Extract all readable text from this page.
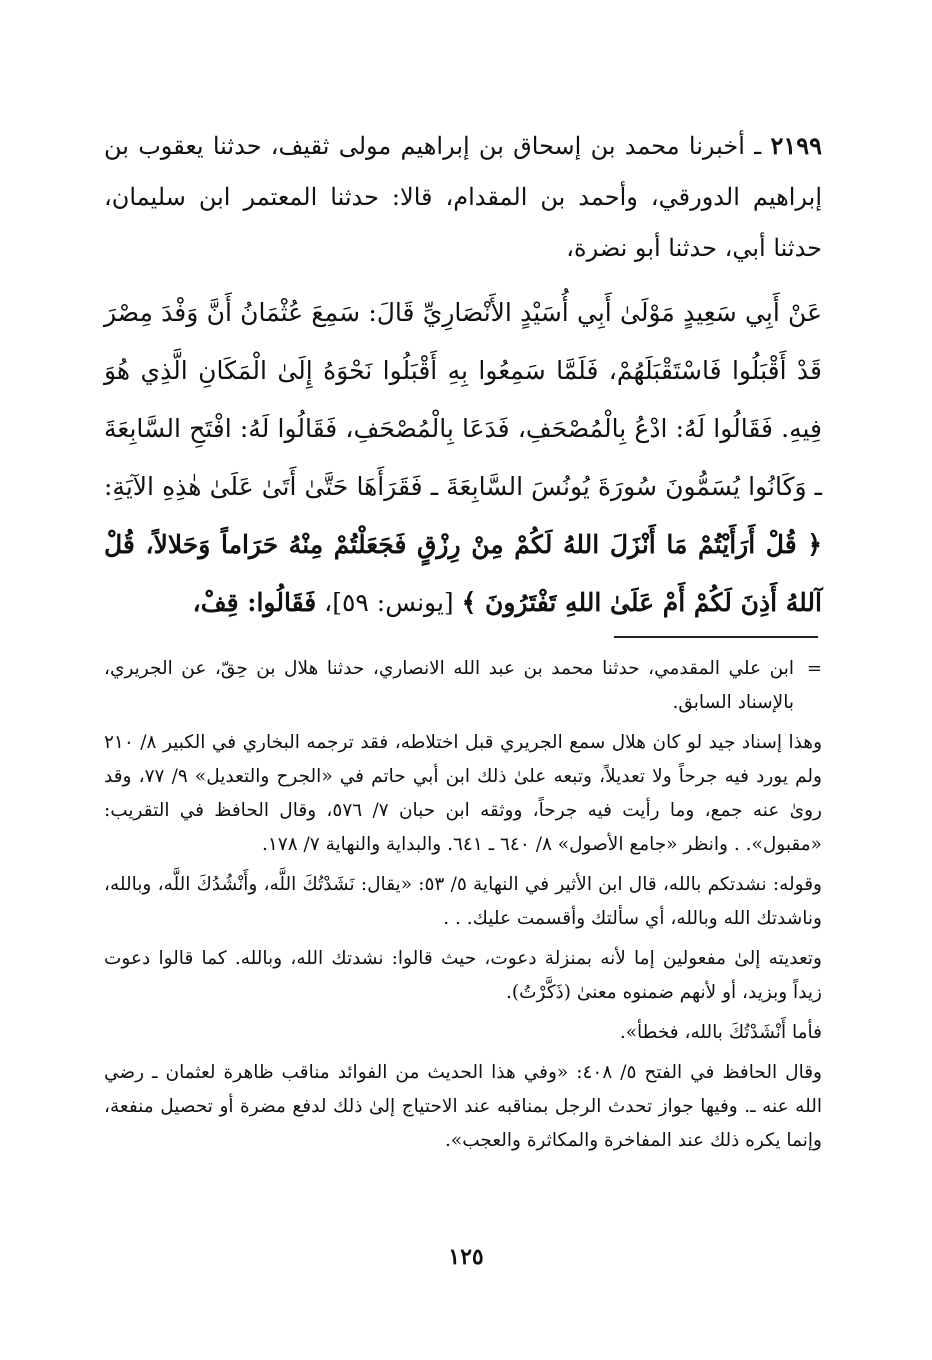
٢١٩٩ ـ أخبرنا محمد بن إسحاق بن إبراهيم مولى ثقيف، حدثنا يعقوب بن إبراهيم الدورقي، وأحمد بن المقدام، قالا: حدثنا المعتمر ابن سليمان، حدثنا أبي، حدثنا أبو نضرة،

عَنْ أَبِي سَعِيدٍ مَوْلَىٰ أَبِي أُسَيْدٍ الأَنْصَارِيِّ قَالَ: سَمِعَ عُثْمَانُ أَنَّ وَفْدَ مِصْرَ قَدْ أَقْبَلُوا فَاسْتَقْبَلَهُمْ، فَلَمَّا سَمِعُوا بِهِ أَقْبَلُوا نَحْوَهُ إِلَىٰ الْمَكَانِ الَّذِي هُوَ فِيهِ. فَقَالُوا لَهُ: ادْعُ بِالْمُصْحَفِ، فَدَعَا بِالْمُصْحَفِ، فَقَالُوا لَهُ: افْتَحِ السَّابِعَةَ ـ وَكَانُوا يُسَمُّونَ سُورَةَ يُونُسَ السَّابِعَةَ ـ فَقَرَأَهَا حَتَّىٰ أَتَىٰ عَلَىٰ هٰذِهِ الآيَةِ: ﴿ قُلْ أَرَأَيْتُمْ مَا أَنْزَلَ اللهُ لَكُمْ مِنْ رِزْقٍ فَجَعَلْتُمْ مِنْهُ حَرَاماً وَحَلالاً، قُلْ آللهُ أَذِنَ لَكُمْ أَمْ عَلَىٰ اللهِ تَفْتَرُونَ ﴾ [يونس: ٥٩]، فَقَالُوا: قِفْ،

=
ابن علي المقدمي، حدثنا محمد بن عبد الله الانصاري، حدثنا هلال بن حِقّ، عن الجريري، بالإسناد السابق.

وهذا إسناد جيد لو كان هلال سمع الجريري قبل اختلاطه، فقد ترجمه البخاري في الكبير ٨/ ٢١٠ ولم يورد فيه جرحاً ولا تعديلاً، وتبعه علىٰ ذلك ابن أبي حاتم في «الجرح والتعديل» ٩/ ٧٧، وقد روىٰ عنه جمع، وما رأيت فيه جرحاً، ووثقه ابن حبان ٧/ ٥٧٦، وقال الحافظ في التقريب: «مقبول». . وانظر «جامع الأصول» ٨/ ٦٤٠ ـ ٦٤١. والبداية والنهاية ٧/ ١٧٨.

وقوله: نشدتكم بالله، قال ابن الأثير في النهاية ٥/ ٥٣: «يقال: نَشَدْتُكَ اللَّه، وأَنْشُدُكَ اللَّه، وبالله، وناشدتك الله وبالله، أي سألتك وأقسمت عليك. . .

وتعديته إلىٰ مفعولين إما لأنه بمنزلة دعوت، حيث قالوا: نشدتك الله، وبالله. كما قالوا دعوت زيداً وبزيد، أو لأنهم ضمنوه معنىٰ (ذَكَّرْتُ).

فأما أَنْشَدْتُكَ بالله، فخطأ».

وقال الحافظ في الفتح ٥/ ٤٠٨: «وفي هذا الحديث من الفوائد مناقب ظاهرة لعثمان ـ رضي الله عنه ـ. وفيها جواز تحدث الرجل بمناقبه عند الاحتياج إلىٰ ذلك لدفع مضرة أو تحصيل منفعة، وإنما يكره ذلك عند المفاخرة والمكاثرة والعجب».

١٢٥
